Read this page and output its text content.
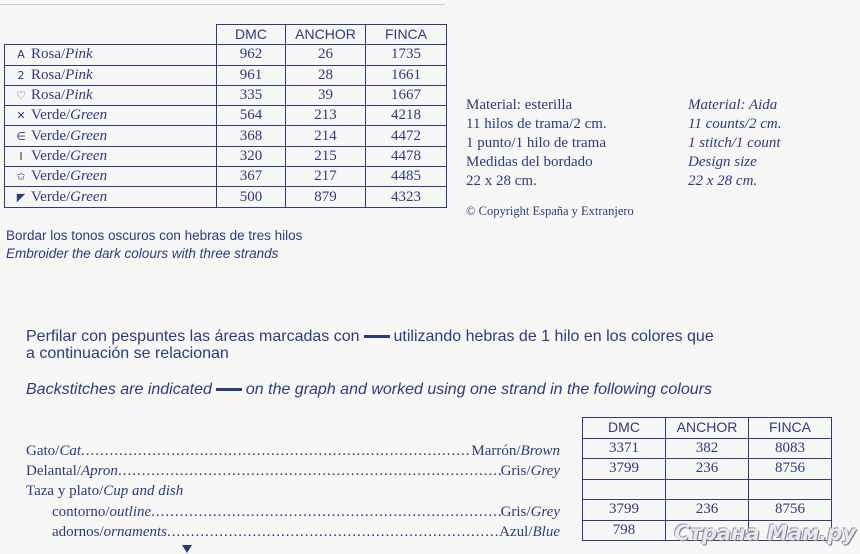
	DMC	ANCHOR	FINCA
A Rosa/Pink	962	26	1735
2 Rosa/Pink	961	28	1661
♡ Rosa/Pink	335	39	1667
✕ Verde/Green	564	213	4218
∈ Verde/Green	368	214	4472
I Verde/Green	320	215	4478
✩ Verde/Green	367	217	4485
◤ Verde/Green	500	879	4323
Material: esterilla
11 hilos de trama/2 cm.
1 punto/1 hilo de trama
Medidas del bordado
22 x 28 cm.
Material: Aida
11 counts/2 cm.
1 stitch/1 count
Design size
22 x 28 cm.
© Copyright España y Extranjero
Bordar los tonos oscuros con hebras de tres hilos
Embroider the dark colours with three strands
Perfilar con pespuntes las áreas marcadas con utilizando hebras de 1 hilo en los colores que
a continuación se relacionan
Backstitches are indicated on the graph and worked using one strand in the following colours
Gato/Cat .....	Marrón/Brown
Delantal/Apron .....	Gris/Grey
Taza y plato/Cup and dish
contorno/outline .....	Gris/Grey
adornos/ornaments .....	Azul/Blue
DMC	ANCHOR	FINCA
3371	382	8083
3799	236	8756

3799	236	8756
798			Страна Мам.ру
